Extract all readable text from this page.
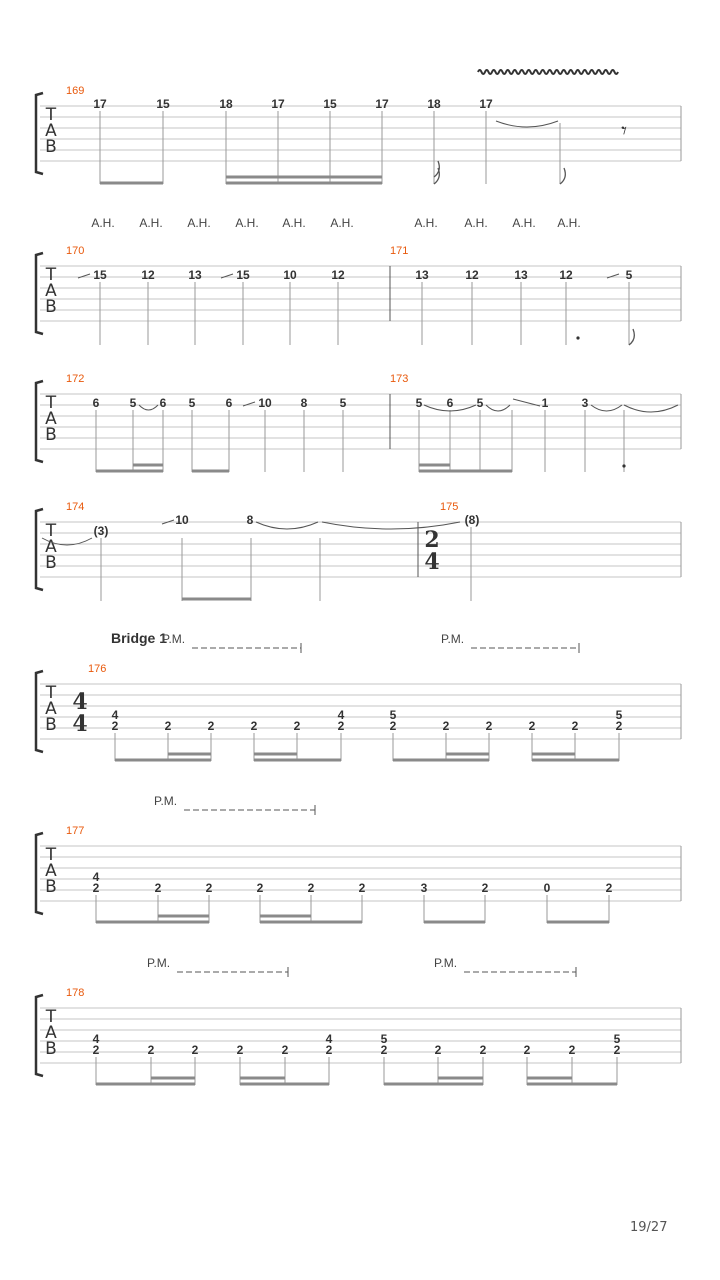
T
A
B
169
17	15	18	17	15	17	18	17
𝄾
A.H. A.H. A.H. A.H. A.H. A.H.	A.H. A.H. A.H. A.H.
T
A
B
170	171
15	12	13	15	10	12	13	12	13	12	5
T
A
B
172	173
6	5 6 5	6 10 8	5	5 6 5	1	3
T
A
B
174	175
(3)
10	8
2
4
(8)
Bridge 1
T
A
B
176
4
4 4
2	2	2	2	2
4
2
5
2	2	2	2	2
5
2
P.M.	P.M.
T
A
B
177
4
2	2	2	2	2	2	3	2	0	2
P.M.
T
A
B
178
4
2	2	2	2	2
4
2
5
2	2	2	2	2
5
2
P.M.	P.M.
19/27
